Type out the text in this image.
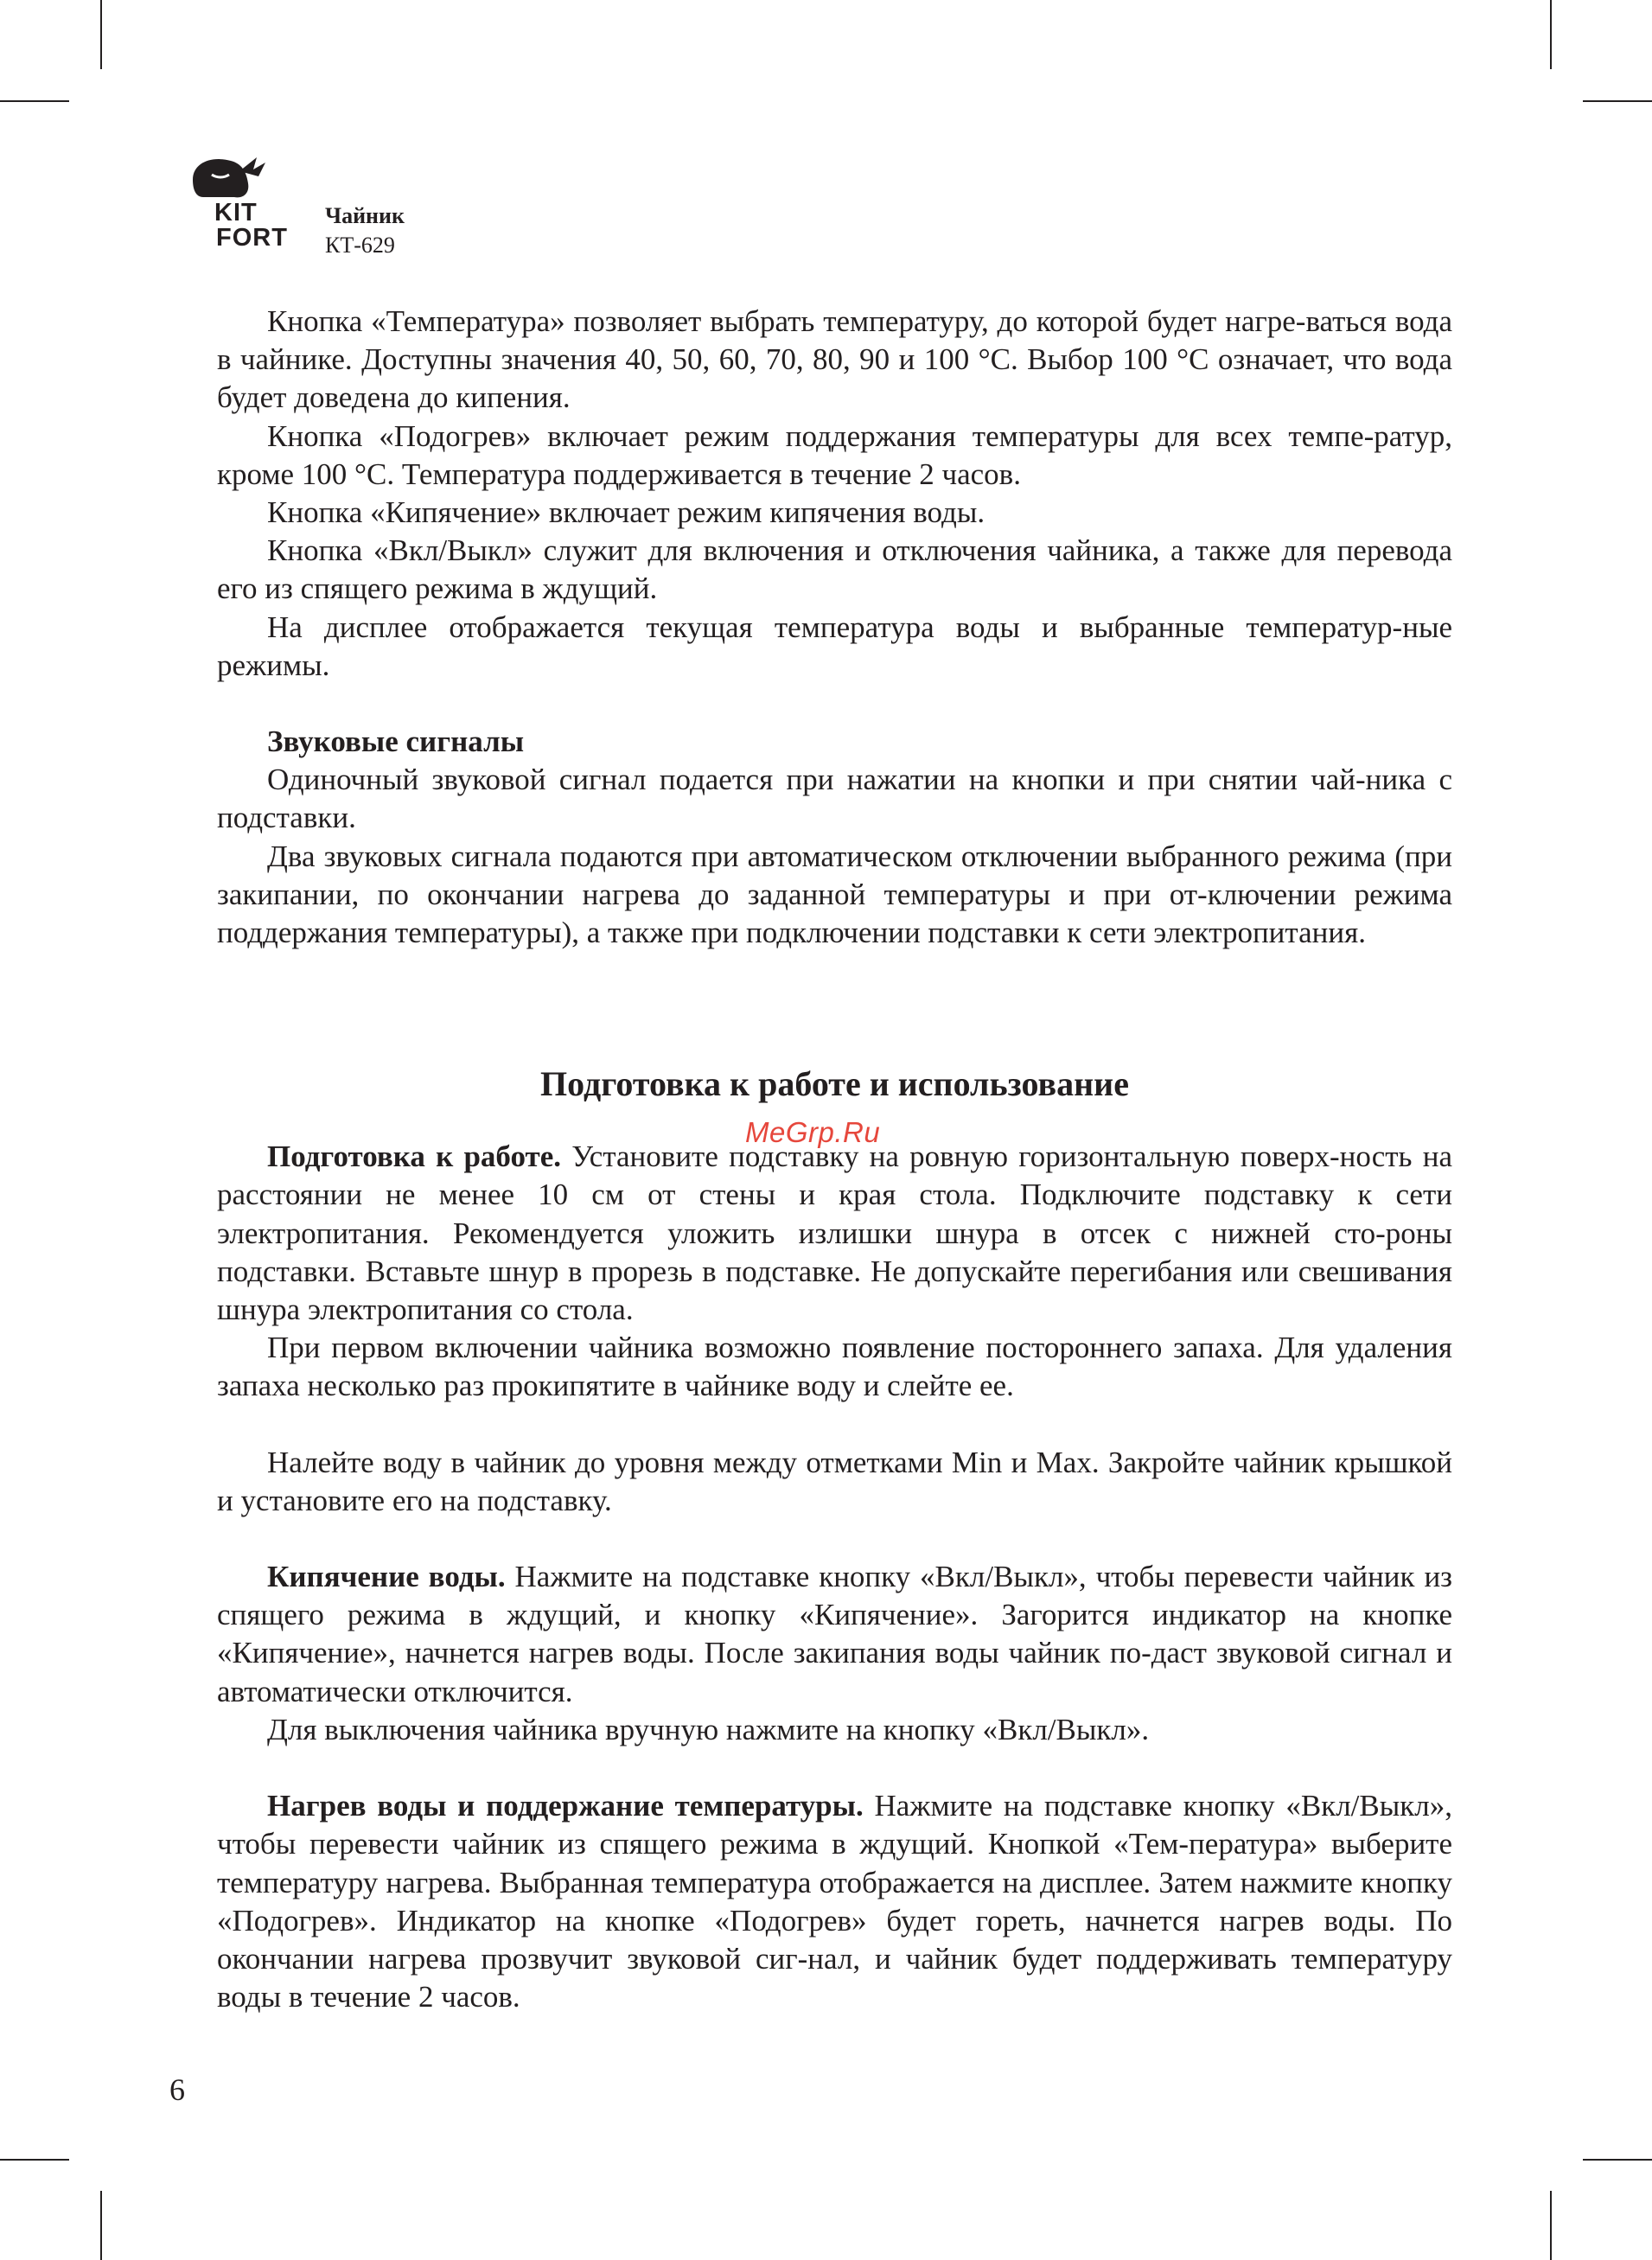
KIT
FORT
Чайник
КТ-629

Кнопка «Температура» позволяет выбрать температуру, до которой будет нагре-ваться вода в чайнике. Доступны значения 40, 50, 60, 70, 80, 90 и 100 °С. Выбор 100 °С означает, что вода будет доведена до кипения.

Кнопка «Подогрев» включает режим поддержания температуры для всех темпе-ратур, кроме 100 °С. Температура поддерживается в течение 2 часов.

Кнопка «Кипячение» включает режим кипячения воды.

Кнопка «Вкл/Выкл» служит для включения и отключения чайника, а также для перевода его из спящего режима в ждущий.

На дисплее отображается текущая температура воды и выбранные температур-ные режимы.

Звуковые сигналы

Одиночный звуковой сигнал подается при нажатии на кнопки и при снятии чай-ника с подставки.

Два звуковых сигнала подаются при автоматическом отключении выбранного режима (при закипании, по окончании нагрева до заданной температуры и при от-ключении режима поддержания температуры), а также при подключении подставки к сети электропитания.

Подготовка к работе и использование

Подготовка к работе. Установите подставку на ровную горизонтальную поверх-ность на расстоянии не менее 10 см от стены и края стола. Подключите подставку к сети электропитания. Рекомендуется уложить излишки шнура в отсек с нижней сто-роны подставки. Вставьте шнур в прорезь в подставке. Не допускайте перегибания или свешивания шнура электропитания со стола.

При первом включении чайника возможно появление постороннего запаха. Для удаления запаха несколько раз прокипятите в чайнике воду и слейте ее.

Налейте воду в чайник до уровня между отметками Min и Max. Закройте чайник крышкой и установите его на подставку.

Кипячение воды. Нажмите на подставке кнопку «Вкл/Выкл», чтобы перевести чайник из спящего режима в ждущий, и кнопку «Кипячение». Загорится индикатор на кнопке «Кипячение», начнется нагрев воды. После закипания воды чайник по-даст звуковой сигнал и автоматически отключится.

Для выключения чайника вручную нажмите на кнопку «Вкл/Выкл».

Нагрев воды и поддержание температуры. Нажмите на подставке кнопку «Вкл/Выкл», чтобы перевести чайник из спящего режима в ждущий. Кнопкой «Тем-пература» выберите температуру нагрева. Выбранная температура отображается на дисплее. Затем нажмите кнопку «Подогрев». Индикатор на кнопке «Подогрев» будет гореть, начнется нагрев воды. По окончании нагрева прозвучит звуковой сиг-нал, и чайник будет поддерживать температуру воды в течение 2 часов.

MeGrp.Ru
6
